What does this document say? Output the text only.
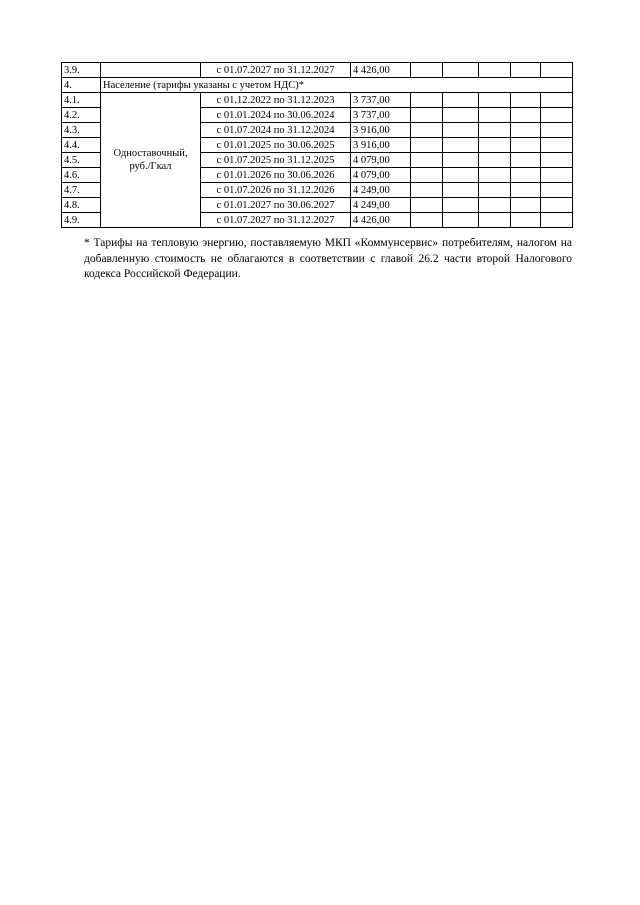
3.9.		с 01.07.2027 по 31.12.2027	4 426,00					
4.	Население (тарифы указаны с учетом НДС)*							
4.1.	Одноставочный, руб./Гкал	с 01.12.2022 по 31.12.2023	3 737,00					
4.2.		с 01.01.2024 по 30.06.2024	3 737,00					
4.3.		с 01.07.2024 по 31.12.2024	3 916,00					
4.4.		с 01.01.2025 по 30.06.2025	3 916,00					
4.5.		с 01.07.2025 по 31.12.2025	4 079,00					
4.6.		с 01.01.2026 по 30.06.2026	4 079,00					
4.7.		с 01.07.2026 по 31.12.2026	4 249,00					
4.8.		с 01.01.2027 по 30.06.2027	4 249,00					
4.9.		с 01.07.2027 по 31.12.2027	4 426,00					

* Тарифы на тепловую энергию, поставляемую МКП «Коммунсервис» потребителям, налогом на добавленную стоимость не облагаются в соответствии с главой 26.2 части второй Налогового кодекса Российской Федерации.
